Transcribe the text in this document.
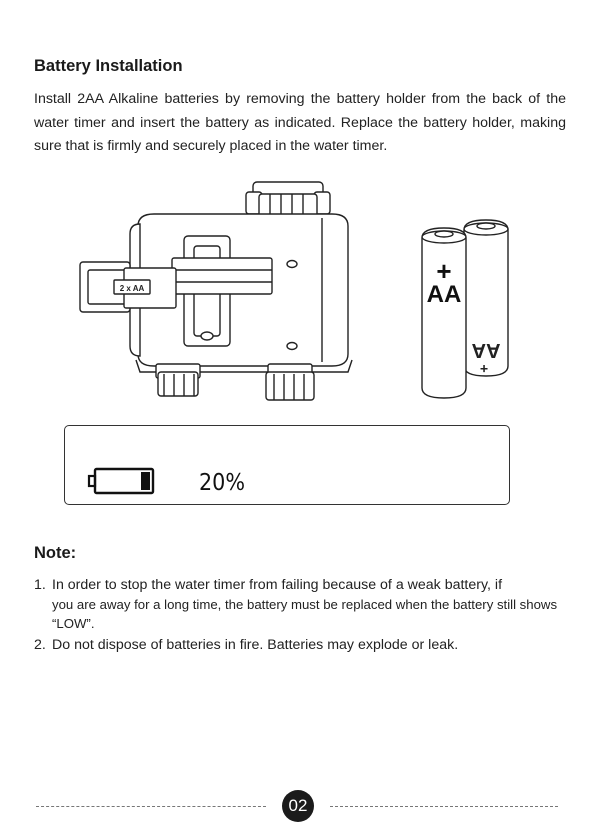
Battery Installation

Install 2AA Alkaline batteries by removing the battery holder from the back of the water timer and insert the battery as indicated. Replace the battery holder, making sure that is firmly and securely placed in the water timer.

2 x AA
AA
+
+
AA
20%
Note:
1. In order to stop the water timer from failing because of a weak battery, if
you are away for a long time, the battery must be replaced when the battery still shows “LOW”.
2. Do not dispose of batteries in fire. Batteries may explode or leak.
02
